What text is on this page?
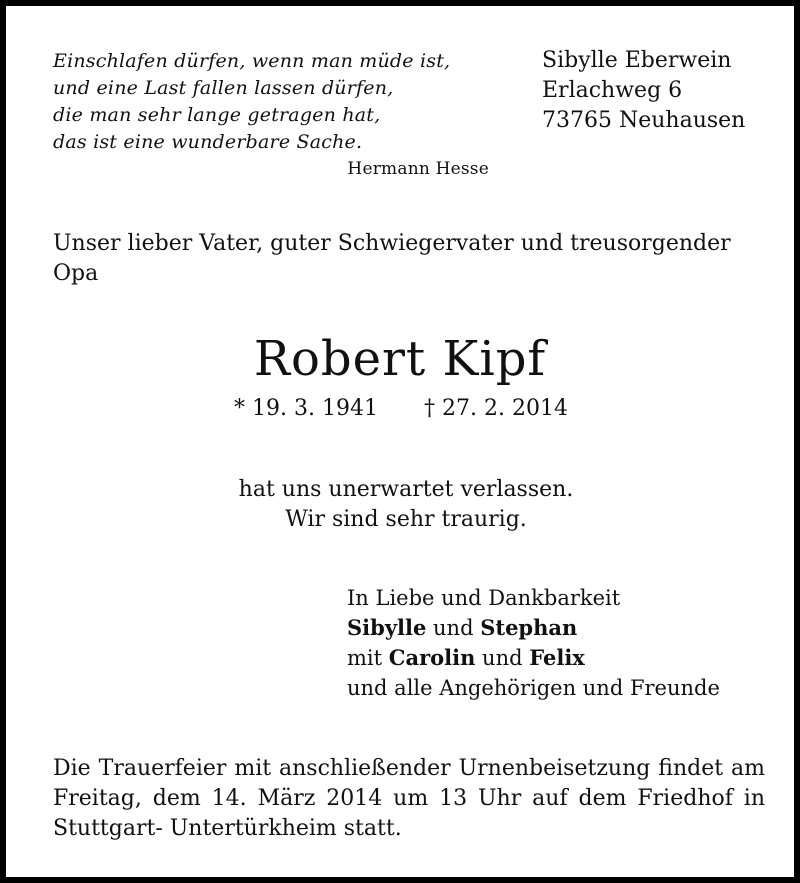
Einschlafen dürfen, wenn man müde ist,
und eine Last fallen lassen dürfen,
die man sehr lange getragen hat,
das ist eine wunderbare Sache.
Hermann Hesse
Sibylle Eberwein
Erlachweg 6
73765 Neuhausen
Unser lieber Vater, guter Schwiegervater und treusorgender Opa
Robert Kipf
* 19. 3. 1941 † 27. 2. 2014
hat uns unerwartet verlassen.
Wir sind sehr traurig.
In Liebe und Dankbarkeit
Sibylle und Stephan
mit Carolin und Felix
und alle Angehörigen und Freunde
Die Trauerfeier mit anschließender Urnenbeisetzung findet am Freitag, dem 14. März 2014 um 13 Uhr auf dem Friedhof in Stuttgart- Untertürkheim statt.
